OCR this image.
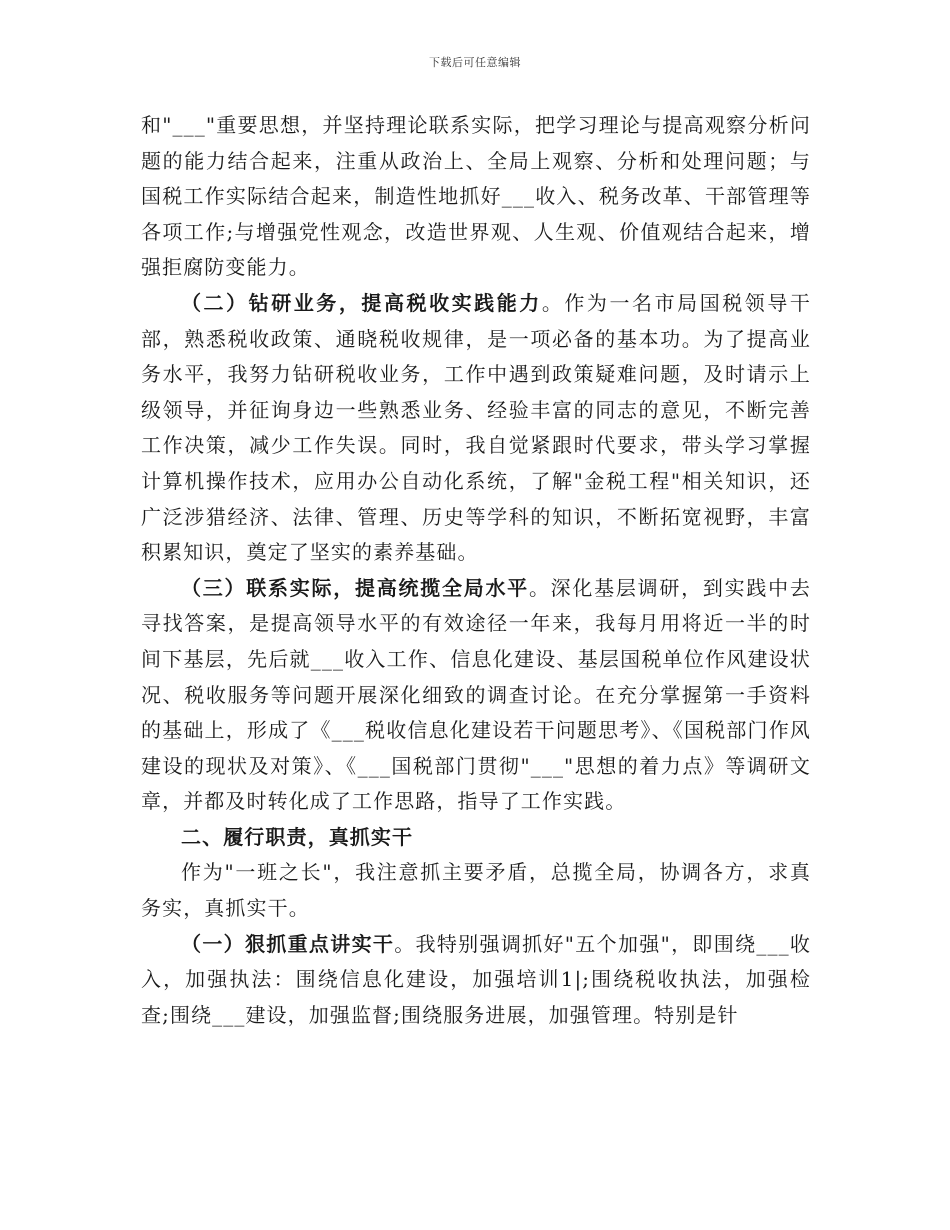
下载后可任意编辑

和"___"重要思想，并坚持理论联系实际，把学习理论与提高观察分析问题的能力结合起来，注重从政治上、全局上观察、分析和处理问题；与国税工作实际结合起来，制造性地抓好___收入、税务改革、干部管理等各项工作;与增强党性观念，改造世界观、人生观、价值观结合起来，增强拒腐防变能力。

（二）钻研业务，提高税收实践能力。作为一名市局国税领导干部，熟悉税收政策、通晓税收规律，是一项必备的基本功。为了提高业务水平，我努力钻研税收业务，工作中遇到政策疑难问题，及时请示上级领导，并征询身边一些熟悉业务、经验丰富的同志的意见，不断完善工作决策，减少工作失误。同时，我自觉紧跟时代要求，带头学习掌握计算机操作技术，应用办公自动化系统，了解"金税工程"相关知识，还广泛涉猎经济、法律、管理、历史等学科的知识，不断拓宽视野，丰富积累知识，奠定了坚实的素养基础。

（三）联系实际，提高统揽全局水平。深化基层调研，到实践中去寻找答案，是提高领导水平的有效途径一年来，我每月用将近一半的时间下基层，先后就___收入工作、信息化建设、基层国税单位作风建设状况、税收服务等问题开展深化细致的调查讨论。在充分掌握第一手资料的基础上，形成了《___税收信息化建设若干问题思考》、《国税部门作风建设的现状及对策》、《___国税部门贯彻"___"思想的着力点》等调研文章，并都及时转化成了工作思路，指导了工作实践。

二、履行职责，真抓实干

作为"一班之长"，我注意抓主要矛盾，总揽全局，协调各方，求真务实，真抓实干。

（一）狠抓重点讲实干。我特别强调抓好"五个加强"，即围绕___收入，加强执法：围绕信息化建设，加强培训1|;围绕税收执法，加强检查;围绕___建设，加强监督;围绕服务进展，加强管理。特别是针
